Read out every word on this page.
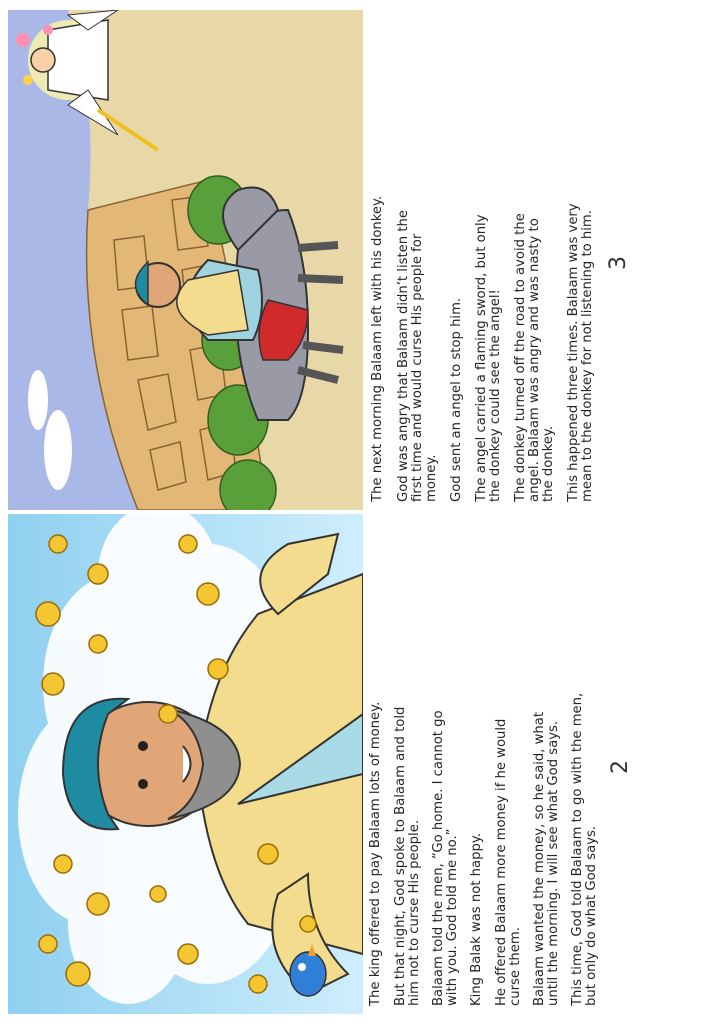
The king offered to pay Balaam lots of money. But that night, God spoke to Balaam and told him not to curse His people. Balaam told the men, “Go home. I cannot go with you. God told me no.” King Balak was not happy. He offered Balaam more money if he would curse them. Balaam wanted the money, so he said, what until the morning. I will see what God says. This time, God told Balaam to go with the men, but only do what God says.
2
The next morning Balaam left with his donkey. God was angry that Balaam didn’t listen the first time and would curse His people for money. God sent an angel to stop him. The angel carried a flaming sword, but only the donkey could see the angel! The donkey turned off the road to avoid the angel. Balaam was angry and was nasty to the donkey. This happened three times. Balaam was very mean to the donkey for not listening to him. 3
